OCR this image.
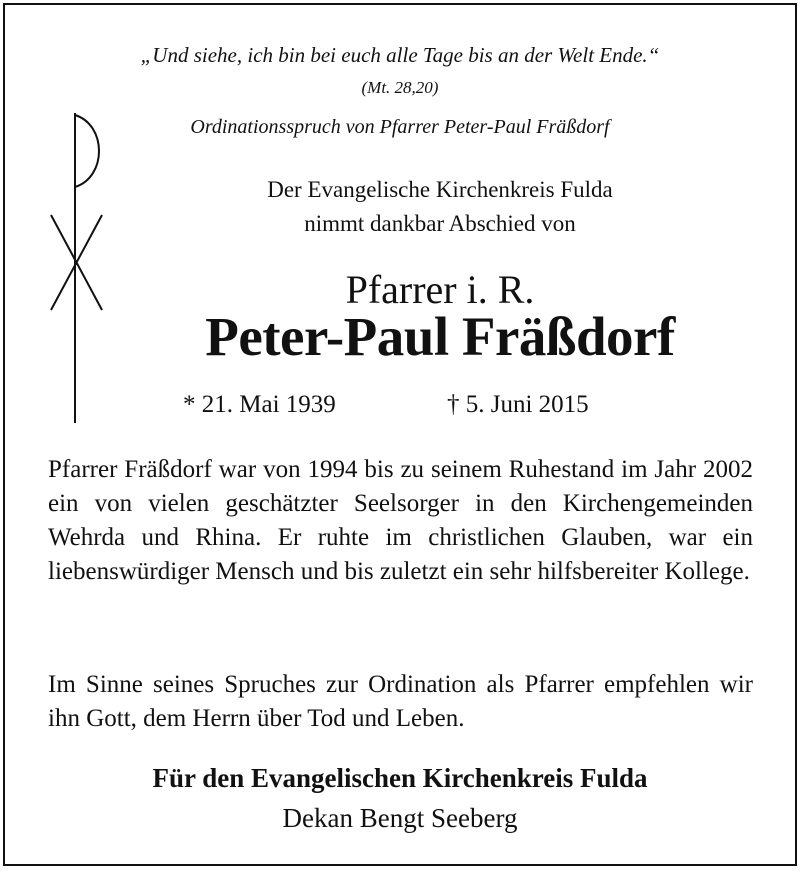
„Und siehe, ich bin bei euch alle Tage bis an der Welt Ende.“
(Mt. 28,20)
Ordinationsspruch von Pfarrer Peter-Paul Fräßdorf
Der Evangelische Kirchenkreis Fulda
nimmt dankbar Abschied von
Pfarrer i. R.
Peter-Paul Fräßdorf
* 21. Mai 1939	† 5. Juni 2015
Pfarrer Fräßdorf war von 1994 bis zu seinem Ruhestand im Jahr 2002 ein von vielen geschätzter Seelsorger in den Kirchengemeinden Wehrda und Rhina. Er ruhte im christlichen Glauben, war ein liebenswürdiger Mensch und bis zuletzt ein sehr hilfsbereiter Kollege.
Im Sinne seines Spruches zur Ordination als Pfarrer empfehlen wir ihn Gott, dem Herrn über Tod und Leben.
Für den Evangelischen Kirchenkreis Fulda
Dekan Bengt Seeberg
